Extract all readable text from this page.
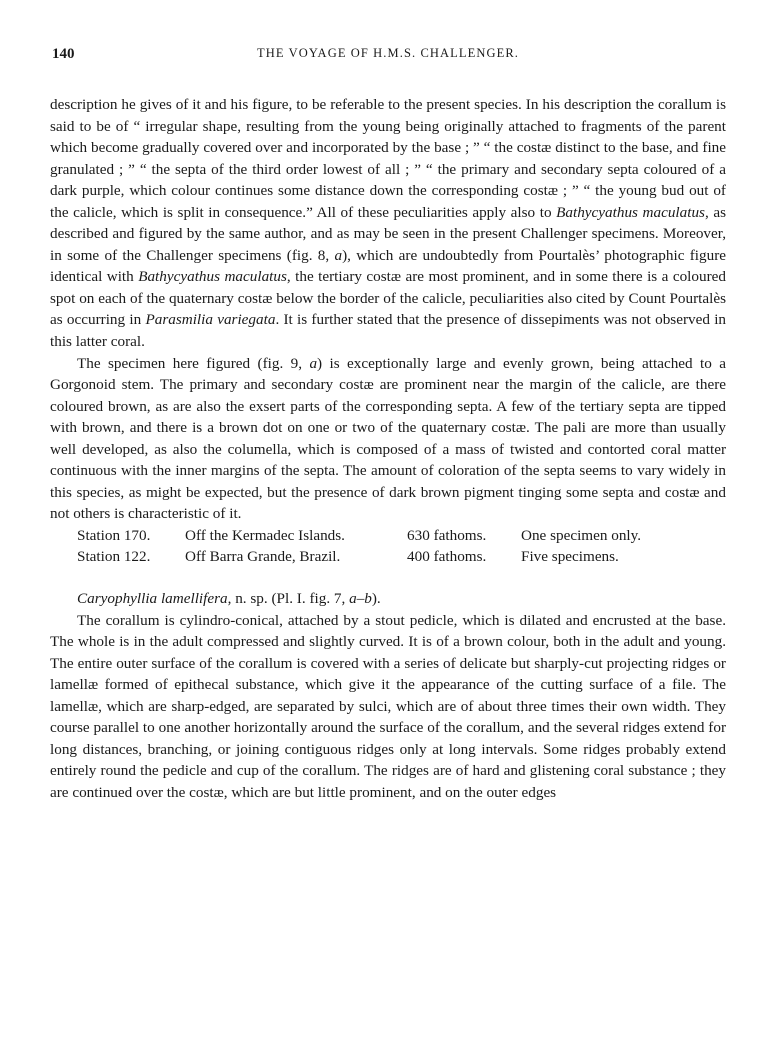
140	THE VOYAGE OF H.M.S. CHALLENGER.

description he gives of it and his figure, to be referable to the present species. In his description the corallum is said to be of “ irregular shape, resulting from the young being originally attached to fragments of the parent which become gradually covered over and incorporated by the base ; ” “ the costæ distinct to the base, and fine granulated ; ” “ the septa of the third order lowest of all ; ” “ the primary and secondary septa coloured of a dark purple, which colour continues some distance down the corresponding costæ ; ” “ the young bud out of the calicle, which is split in consequence.” All of these peculiarities apply also to Bathycyathus maculatus, as described and figured by the same author, and as may be seen in the present Challenger specimens. Moreover, in some of the Challenger specimens (fig. 8, a), which are undoubtedly from Pourtalès’ photographic figure identical with Bathycyathus maculatus, the tertiary costæ are most prominent, and in some there is a coloured spot on each of the quaternary costæ below the border of the calicle, peculiarities also cited by Count Pourtalès as occurring in Parasmilia variegata. It is further stated that the presence of dissepiments was not observed in this latter coral.

The specimen here figured (fig. 9, a) is exceptionally large and evenly grown, being attached to a Gorgonoid stem. The primary and secondary costæ are prominent near the margin of the calicle, are there coloured brown, as are also the exsert parts of the corresponding septa. A few of the tertiary septa are tipped with brown, and there is a brown dot on one or two of the quaternary costæ. The pali are more than usually well developed, as also the columella, which is composed of a mass of twisted and contorted coral matter continuous with the inner margins of the septa. The amount of coloration of the septa seems to vary widely in this species, as might be expected, but the presence of dark brown pigment tinging some septa and costæ and not others is characteristic of it.

Station 170. Off the Kermadec Islands.	630 fathoms. One specimen only.

Station 122. Off Barra Grande, Brazil.	400 fathoms. Five specimens.

Caryophyllia lamellifera, n. sp. (Pl. I. fig. 7, a–b).

The corallum is cylindro-conical, attached by a stout pedicle, which is dilated and encrusted at the base. The whole is in the adult compressed and slightly curved. It is of a brown colour, both in the adult and young. The entire outer surface of the corallum is covered with a series of delicate but sharply-cut projecting ridges or lamellæ formed of epithecal substance, which give it the appearance of the cutting surface of a file. The lamellæ, which are sharp-edged, are separated by sulci, which are of about three times their own width. They course parallel to one another horizontally around the surface of the corallum, and the several ridges extend for long distances, branching, or joining contiguous ridges only at long intervals. Some ridges probably extend entirely round the pedicle and cup of the corallum. The ridges are of hard and glistening coral substance ; they are continued over the costæ, which are but little prominent, and on the outer edges
